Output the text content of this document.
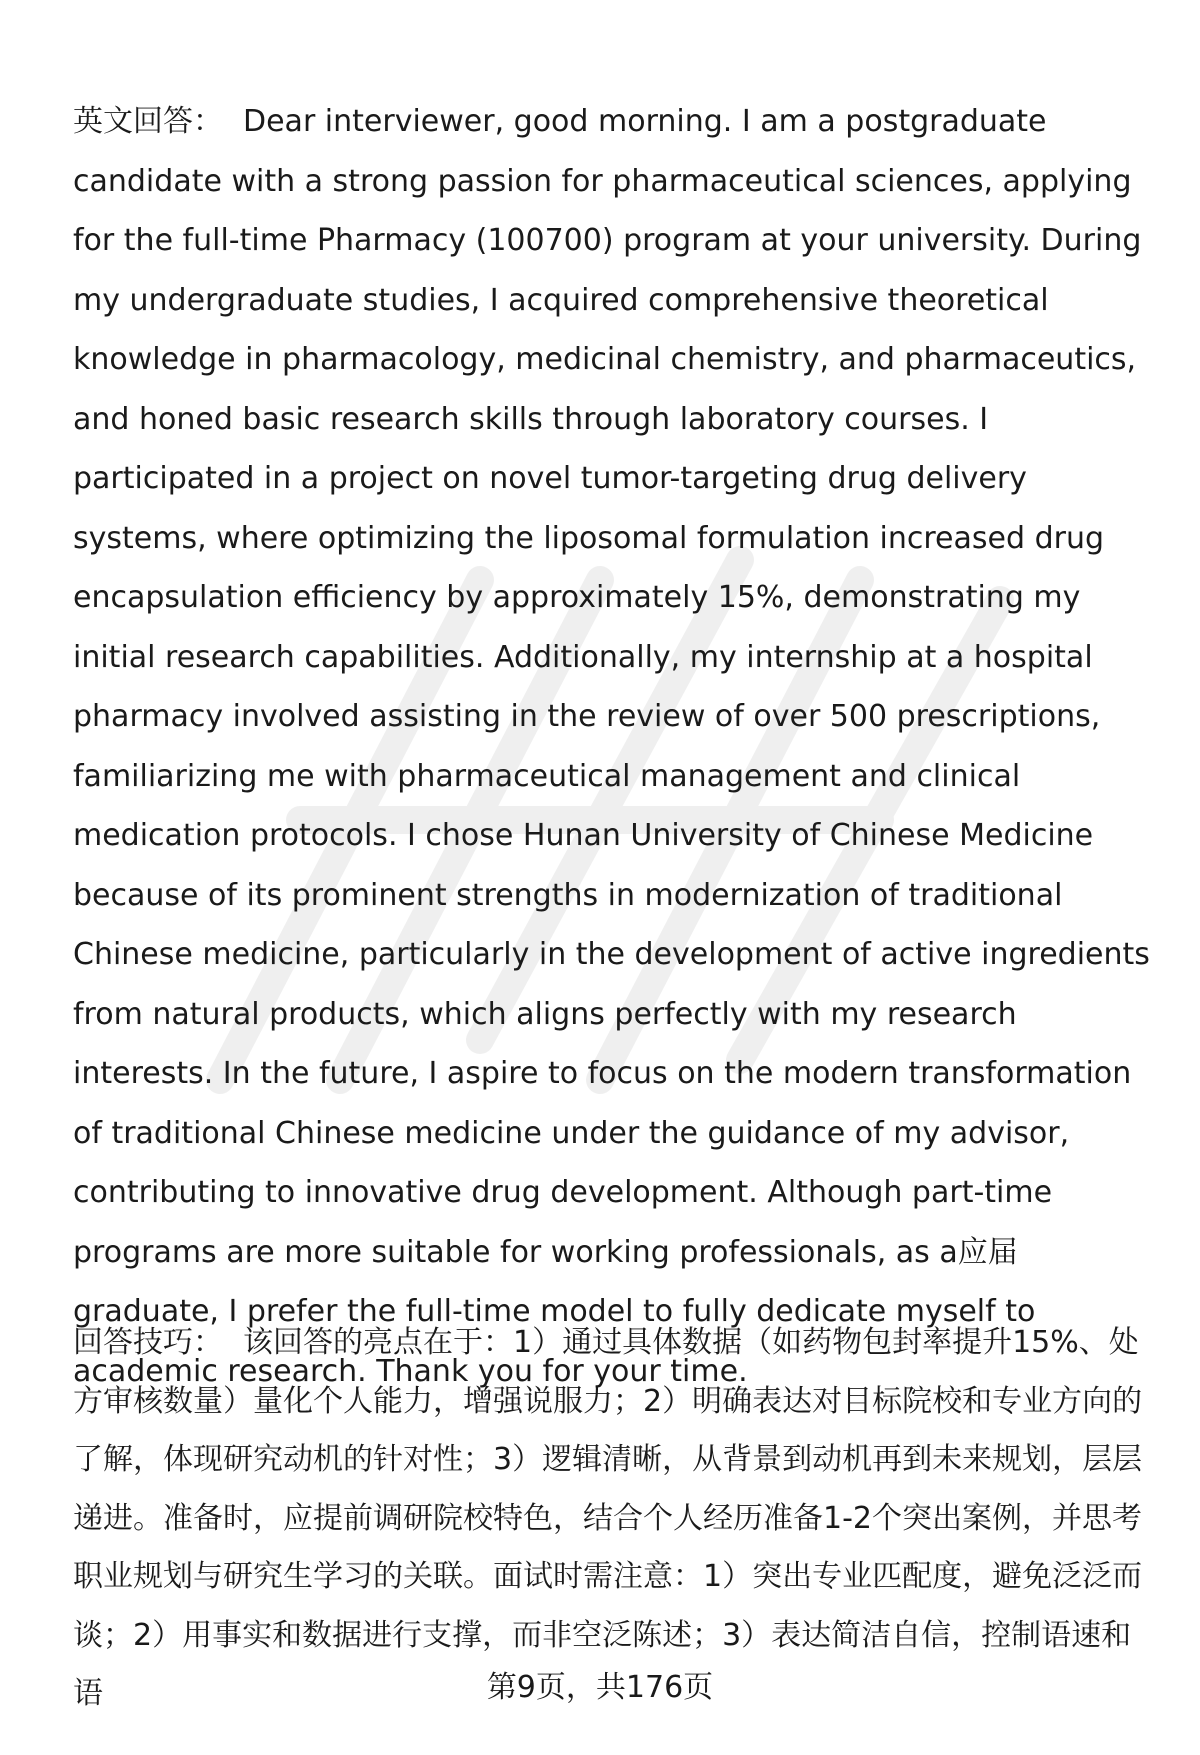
英文回答： Dear interviewer, good morning. I am a postgraduate candidate with a strong passion for pharmaceutical sciences, applying for the full-time Pharmacy (100700) program at your university. During my undergraduate studies, I acquired comprehensive theoretical knowledge in pharmacology, medicinal chemistry, and pharmaceutics, and honed basic research skills through laboratory courses. I participated in a project on novel tumor-targeting drug delivery systems, where optimizing the liposomal formulation increased drug encapsulation efficiency by approximately 15%, demonstrating my initial research capabilities. Additionally, my internship at a hospital pharmacy involved assisting in the review of over 500 prescriptions, familiarizing me with pharmaceutical management and clinical medication protocols. I chose Hunan University of Chinese Medicine because of its prominent strengths in modernization of traditional Chinese medicine, particularly in the development of active ingredients from natural products, which aligns perfectly with my research interests. In the future, I aspire to focus on the modern transformation of traditional Chinese medicine under the guidance of my advisor, contributing to innovative drug development. Although part-time programs are more suitable for working professionals, as a应届 graduate, I prefer the full-time model to fully dedicate myself to academic research. Thank you for your time.

回答技巧： 该回答的亮点在于：1）通过具体数据（如药物包封率提升15%、处方审核数量）量化个人能力，增强说服力；2）明确表达对目标院校和专业方向的了解，体现研究动机的针对性；3）逻辑清晰，从背景到动机再到未来规划，层层递进。准备时，应提前调研院校特色，结合个人经历准备1-2个突出案例，并思考职业规划与研究生学习的关联。面试时需注意：1）突出专业匹配度，避免泛泛而谈；2）用事实和数据进行支撑，而非空泛陈述；3）表达简洁自信，控制语速和语	第9页，共176页
